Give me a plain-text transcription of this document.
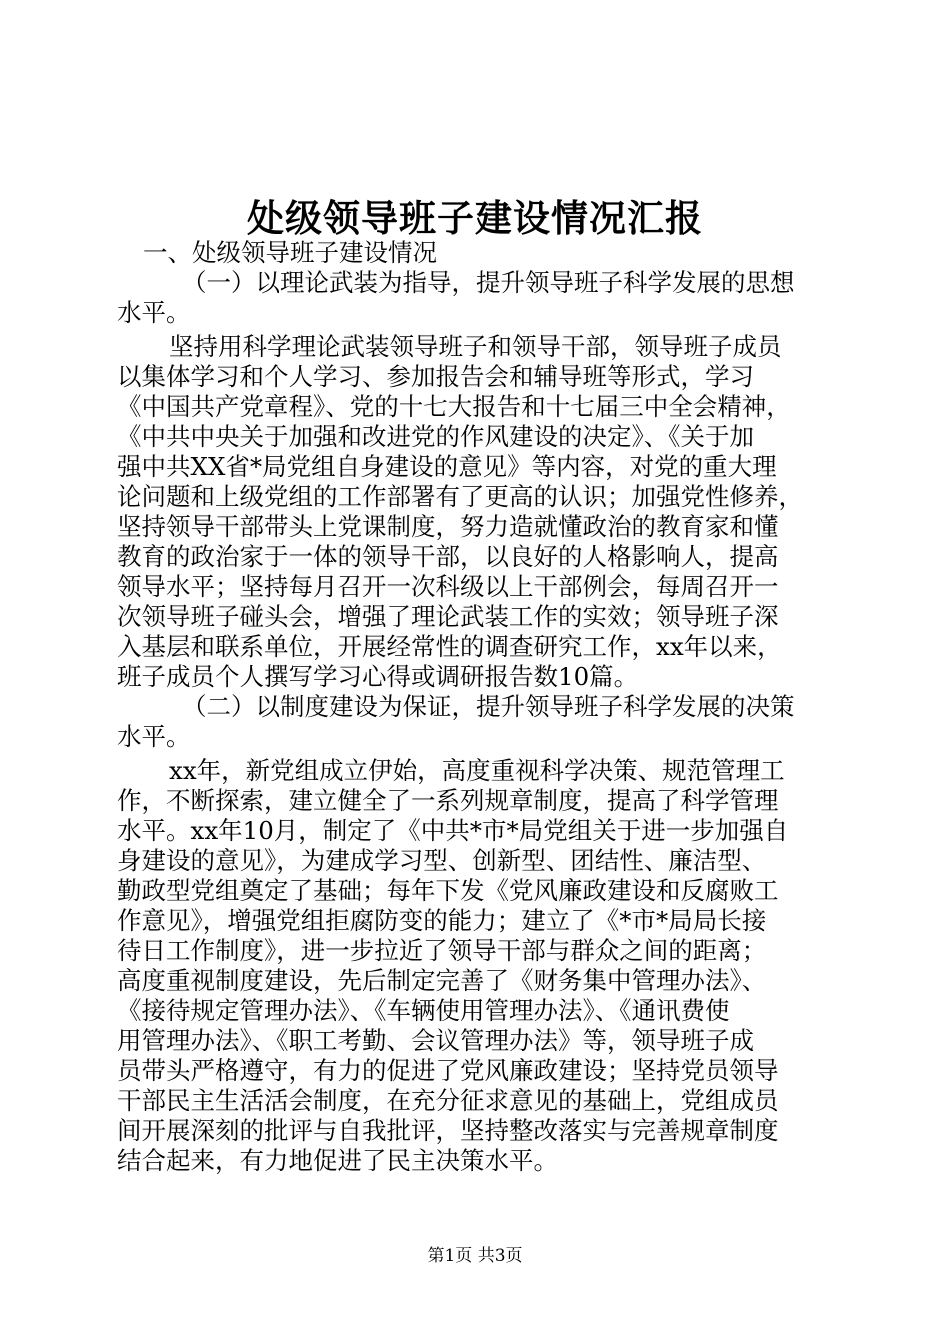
处级领导班子建设情况汇报
一、处级领导班子建设情况
（一）以理论武装为指导，提升领导班子科学发展的思想
水平。
坚持用科学理论武装领导班子和领导干部，领导班子成员
以集体学习和个人学习、参加报告会和辅导班等形式，学习
《中国共产党章程》、党的十七大报告和十七届三中全会精神，
《中共中央关于加强和改进党的作风建设的决定》、《关于加
强中共XX省*局党组自身建设的意见》等内容，对党的重大理
论问题和上级党组的工作部署有了更高的认识；加强党性修养，
坚持领导干部带头上党课制度，努力造就懂政治的教育家和懂
教育的政治家于一体的领导干部，以良好的人格影响人，提高
领导水平；坚持每月召开一次科级以上干部例会，每周召开一
次领导班子碰头会，增强了理论武装工作的实效；领导班子深
入基层和联系单位，开展经常性的调查研究工作，xx年以来，
班子成员个人撰写学习心得或调研报告数10篇。
（二）以制度建设为保证，提升领导班子科学发展的决策
水平。
xx年，新党组成立伊始，高度重视科学决策、规范管理工
作，不断探索，建立健全了一系列规章制度，提高了科学管理
水平。xx年10月，制定了《中共*市*局党组关于进一步加强自
身建设的意见》，为建成学习型、创新型、团结性、廉洁型、
勤政型党组奠定了基础；每年下发《党风廉政建设和反腐败工
作意见》，增强党组拒腐防变的能力；建立了《*市*局局长接
待日工作制度》，进一步拉近了领导干部与群众之间的距离；
高度重视制度建设，先后制定完善了《财务集中管理办法》、
《接待规定管理办法》、《车辆使用管理办法》、《通讯费使
用管理办法》、《职工考勤、会议管理办法》等，领导班子成
员带头严格遵守，有力的促进了党风廉政建设；坚持党员领导
干部民主生活活会制度，在充分征求意见的基础上，党组成员
间开展深刻的批评与自我批评，坚持整改落实与完善规章制度
结合起来，有力地促进了民主决策水平。
第1页 共3页
